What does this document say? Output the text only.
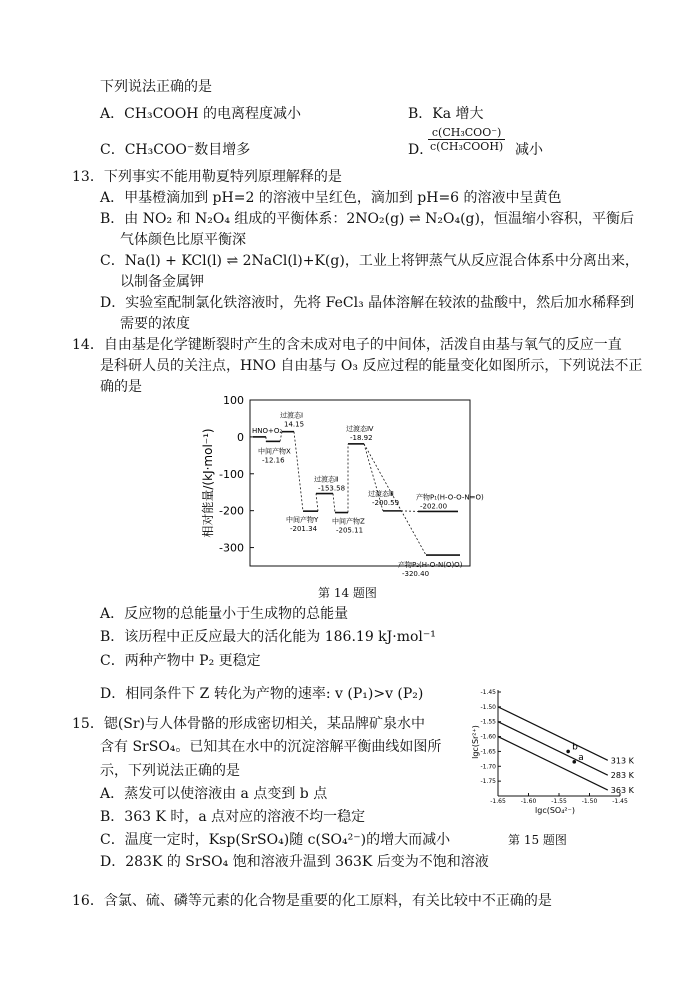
下列说法正确的是
A．CH₃COOH 的电离程度减小	B．Ka 增大
C．CH₃COO⁻数目增多	D．
c(CH₃COO⁻)
c(CH₃COOH) 减小
13．下列事实不能用勒夏特列原理解释的是
A．甲基橙滴加到 pH=2 的溶液中呈红色，滴加到 pH=6 的溶液中呈黄色
B．由 NO₂ 和 N₂O₄ 组成的平衡体系：2NO₂(g) ⇌ N₂O₄(g)，恒温缩小容积，平衡后
气体颜色比原平衡深
C．Na(l) + KCl(l) ⇌ 2NaCl(l)+K(g)，工业上将钾蒸气从反应混合体系中分离出来，
以制备金属钾
D．实验室配制氯化铁溶液时，先将 FeCl₃ 晶体溶解在较浓的盐酸中，然后加水稀释到
需要的浓度
14．自由基是化学键断裂时产生的含未成对电子的中间体，活泼自由基与氧气的反应一直
是科研人员的关注点，HNO 自由基与 O₃ 反应过程的能量变化如图所示，下列说法不正
确的是
相对能量/(kJ·mol⁻¹)
100
0
-100
-200
-300
HNO+O₂
过渡态Ⅰ
14.15
中间产物X
-12.16
中间产物Y
-201.34
过渡态Ⅱ
-153.58
中间产物Z
-205.11
过渡态Ⅳ
-18.92
过渡态Ⅲ
-200.59
产物P₁(H-O-O-N=O)
-202.00
产物P₂(H-O-N(O)O)
-320.40
第 14 题图
A．反应物的总能量小于生成物的总能量
B．该历程中正反应最大的活化能为 186.19 kJ·mol⁻¹
C．两种产物中 P₂ 更稳定
D．相同条件下 Z 转化为产物的速率: v (P₁)>v (P₂)
15．锶(Sr)与人体骨骼的形成密切相关，某品牌矿泉水中
含有 SrSO₄。已知其在水中的沉淀溶解平衡曲线如图所
示，下列说法正确的是
A．蒸发可以使溶液由 a 点变到 b 点
B．363 K 时，a 点对应的溶液不均一稳定
C．温度一定时，Ksp(SrSO₄)随 c(SO₄²⁻)的增大而减小
D．283K 的 SrSO₄ 饱和溶液升温到 363K 后变为不饱和溶液
lgc(Sr²⁺)
lgc(SO₄²⁻)
-1.45
-1.50
-1.55
-1.60
-1.65
-1.70
-1.75
-1.65 -1.60 -1.55 -1.50 -1.45
313 K
283 K
363 K
b
a
第 15 题图
16．含氯、硫、磷等元素的化合物是重要的化工原料，有关比较中不正确的是
